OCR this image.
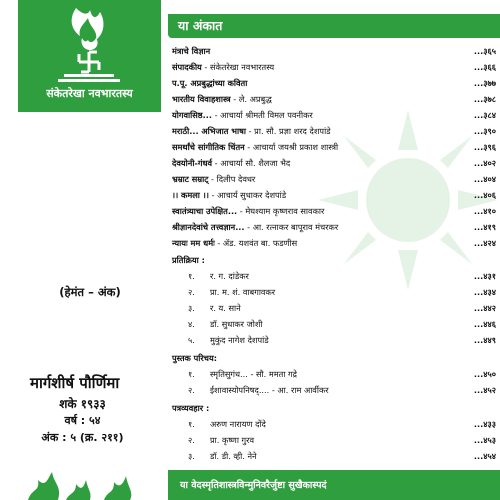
संकेतरेखा नवभारतस्य
(हेमंत – अंक)
मार्गशीर्ष पौर्णिमा
शके १९३३
वर्ष : ५४
अंक : ५ (क्र. २११)
या अंकात
मंत्राचे विज्ञान	...३६५
संपादकीय - संकेतरेखा नवभारतस्य	...३६६
प.पू. अप्रबुद्धांच्या कविता	...३७७
भारतीय विवाहशास्त्र - ले. अप्रबुद्ध	...३७८
योगवासिष्ठ... - आचार्या श्रीमती विमल पवनीकर	...३८४
मराठी... अभिजात भाषा - प्रा. सौ. प्रज्ञा शरद देशपांडे	...३९०
समर्थांचे सांगीतिक चिंतन - आचार्या जयश्री प्रकाश शास्त्री	...३९६
देवयोनी-गंधर्व - आचार्या सौ. शैलजा भैद	...४०२
भ्रम्राट सम्राट् - दिलीप देवधर	...४०४
।। कमला ।। - आचार्य सुधाकर देशपांडे	...४०६
स्वातंत्र्याचा उपेक्षित... - मेघश्याम कृष्णराव सावकार	...४१०
श्रीज्ञानदेवांचे तत्त्वज्ञान... - आ. रत्नाकर बापूराव मंचरकर	...४१९
न्यायः मम धर्मः - ॲड. यशवंत बा. फडणीस	...४२४
प्रतिक्रिया :
१. र. ग. दांडेकर	...४३१
२. प्रा. म. शं. वाबगावकर	...४३४
३. र. य. साने	...४४२
४. डॉ. सुधाकर जोशी	...४४६
५. मुकुंद नागेश देशपांडे	...४४९
पुस्तक परिचय:
१. स्मृतिसुगंध... - सौ. ममता गद्रे	...४५०
२. ईशावास्योपनिषद्.... - आ. राम आर्वीकर	...४५२
पत्रव्यवहार :
१. अरुण नारायण दोंदे	...४३३
२. प्रा. कृष्णा गुरव	...४५३
३. डॉ. डी. व्ही. नेने	...४५४
या वेदस्मृतिशास्त्रविन्मुनिवरैर्जुष्टा सुखैकास्पदं
